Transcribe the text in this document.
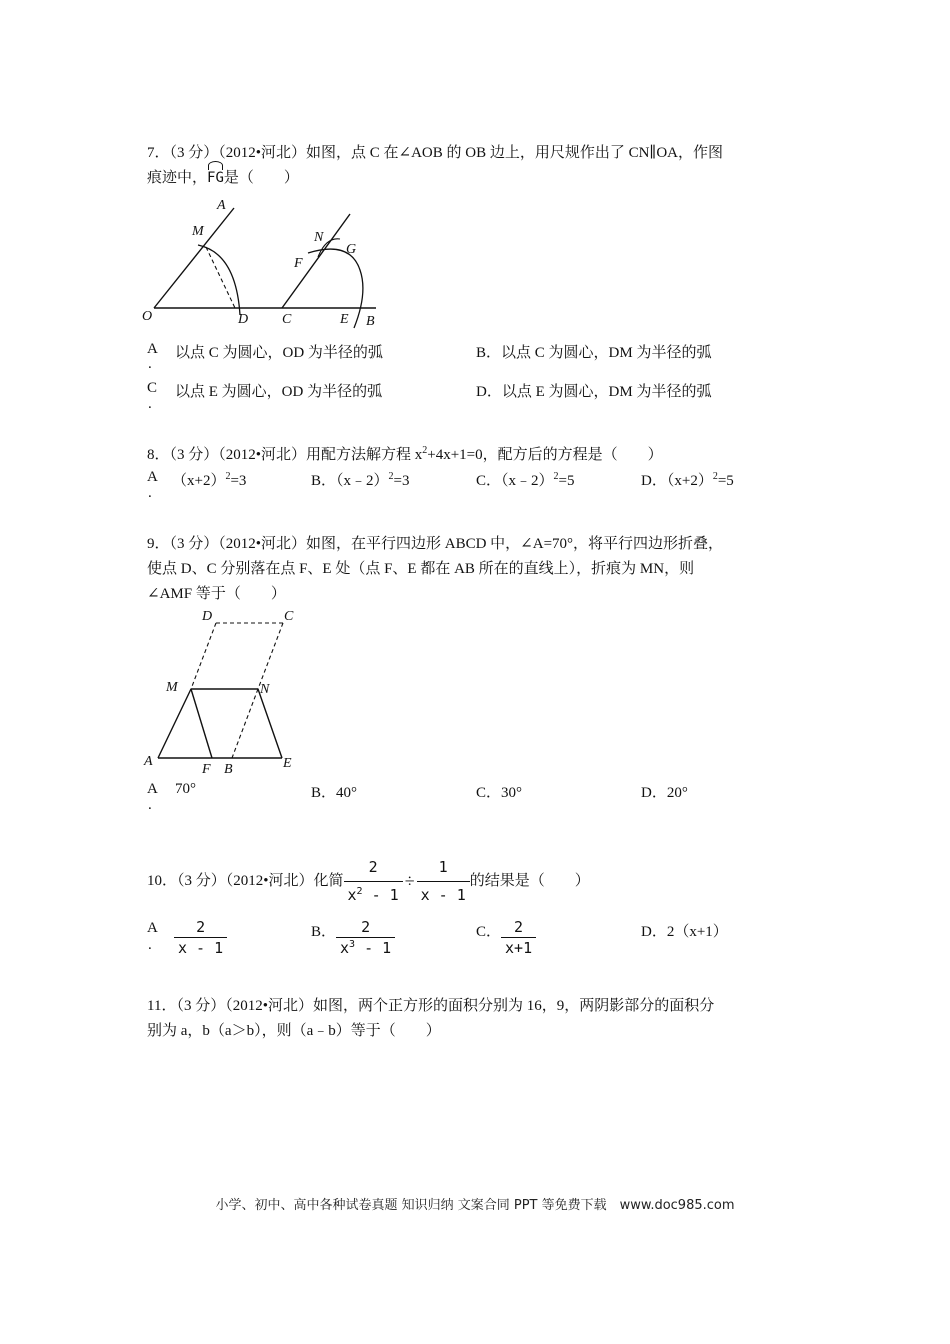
7．（3 分）（2012•河北）如图，点 C 在∠AOB 的 OB 边上，用尺规作出了 CN∥OA，作图
痕迹中，FG是（　　）
A
M
O	D C
N
F
G
E B
A
.
以点 C 为圆心，OD 为半径的弧	B．以点 C 为圆心，DM 为半径的弧
C
.
以点 E 为圆心，OD 为半径的弧	D．以点 E 为圆心，DM 为半径的弧
8．（3 分）（2012•河北）用配方法解方程 $x^2+4x+1=0$，配方后的方程是（　　）
A
.
$(x+2)^2=3$	B．（x﹣2）$^2$=3	C．（x﹣2）$^2$=5	D．$(x+2)^2=5$
9．（3 分）（2012•河北）如图，在平行四边形 ABCD 中，∠A=70°，将平行四边形折叠，
使点 D、C 分别落在点 F、E 处（点 F、E 都在 AB 所在的直线上），折痕为 MN，则
∠AMF 等于（　　）
D	C
M	N
A
F B	E
A
.
70°	B．40°	C．30°	D．20°
10．（3 分）（2012•河北）化简 $\frac{2}{x^2 - 1} \div \frac{1}{x - 1}$ 的结果是（　　）
A
. $\frac{2}{x - 1}$	B． $\frac{2}{x^3 - 1}$	C． $\frac{2}{x+1}$	D．2（x+1）
11．（3 分）（2012•河北）如图，两个正方形的面积分别为 16，9，两阴影部分的面积分
别为 a，b（a＞b），则（a﹣b）等于（　　）
小学、初中、高中各种试卷真题 知识归纳 文案合同 PPT 等免费下载　www.doc985.com
